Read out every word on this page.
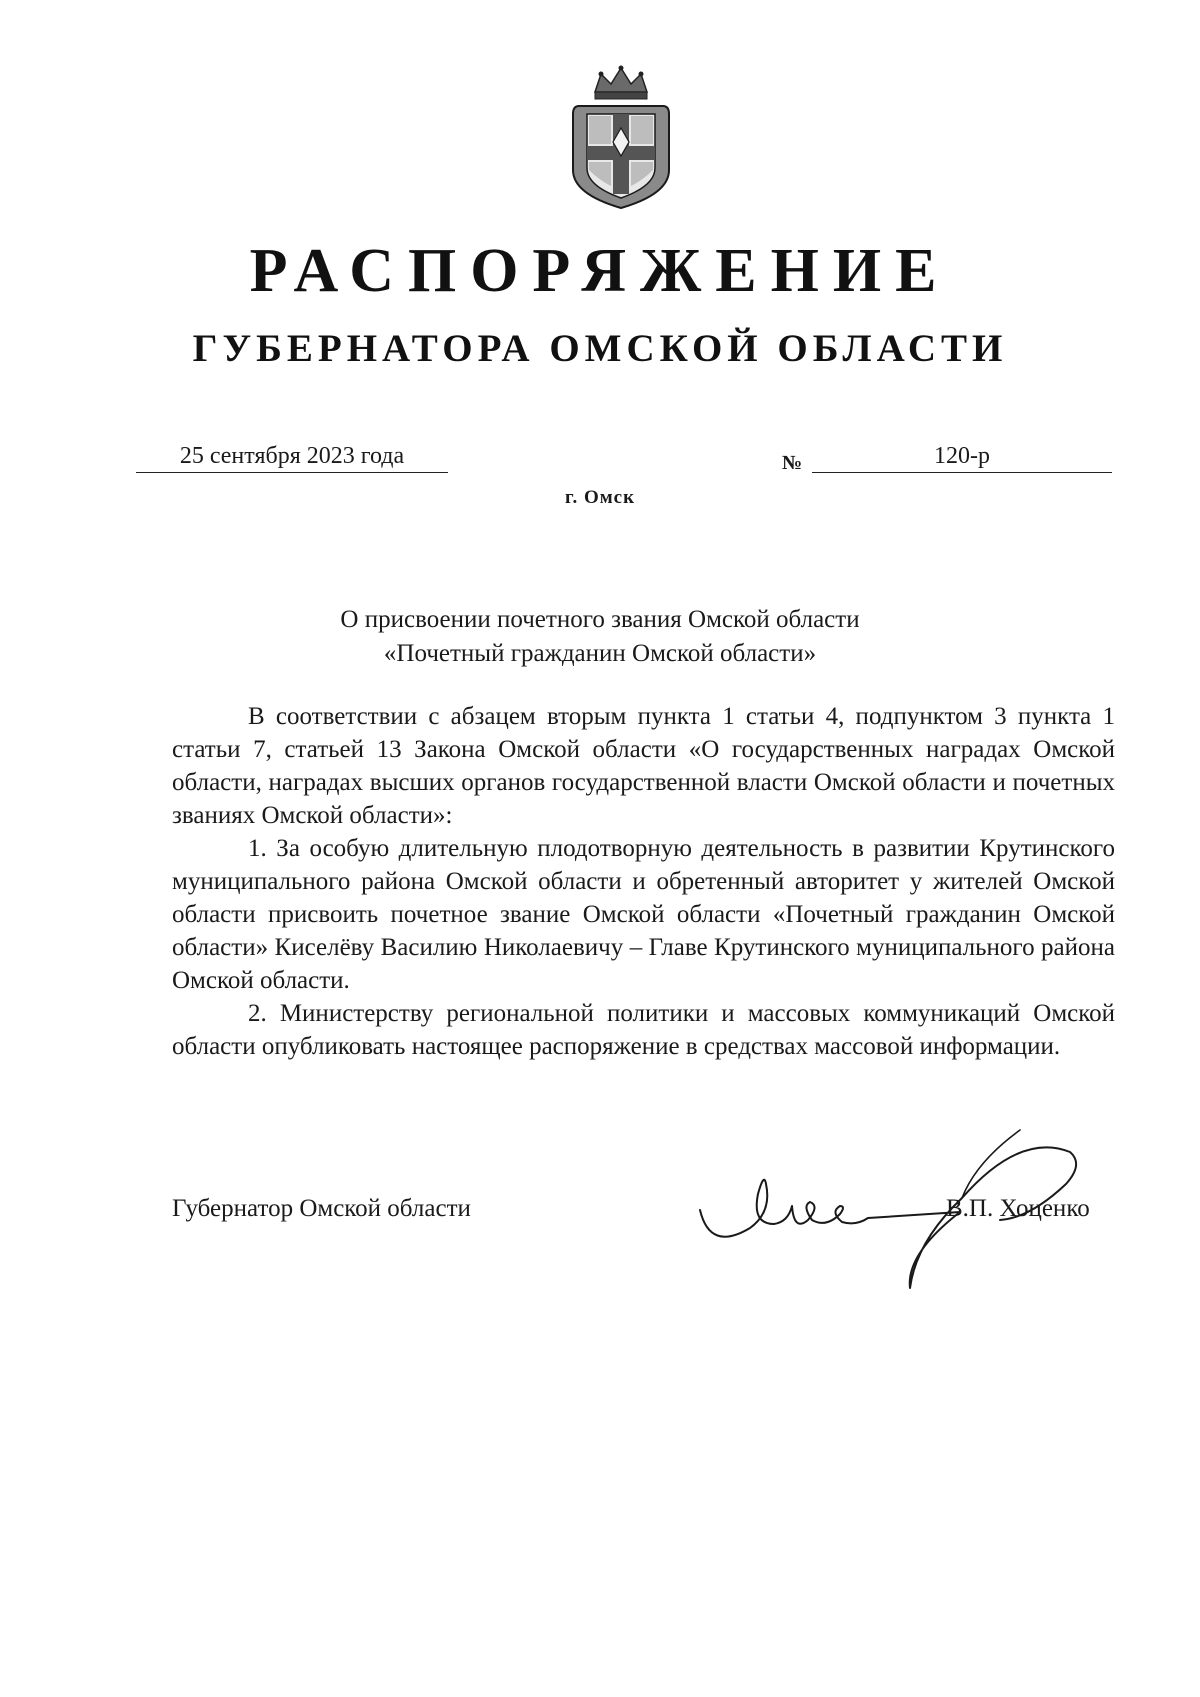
РАСПОРЯЖЕНИЕ
ГУБЕРНАТОРА ОМСКОЙ ОБЛАСТИ
25 сентября 2023 года	№	120-р
г. Омск
О присвоении почетного звания Омской области
«Почетный гражданин Омской области»

В соответствии с абзацем вторым пункта 1 статьи 4, подпунктом 3 пункта 1 статьи 7, статьей 13 Закона Омской области «О государственных наградах Омской области, наградах высших органов государственной власти Омской области и почетных званиях Омской области»:

1. За особую длительную плодотворную деятельность в развитии Крутинского муниципального района Омской области и обретенный авторитет у жителей Омской области присвоить почетное звание Омской области «Почетный гражданин Омской области» Киселёву Василию Николаевичу – Главе Крутинского муниципального района Омской области.

2. Министерству региональной политики и массовых коммуникаций Омской области опубликовать настоящее распоряжение в средствах массовой информации.

Губернатор Омской области	В.П. Хоценко
